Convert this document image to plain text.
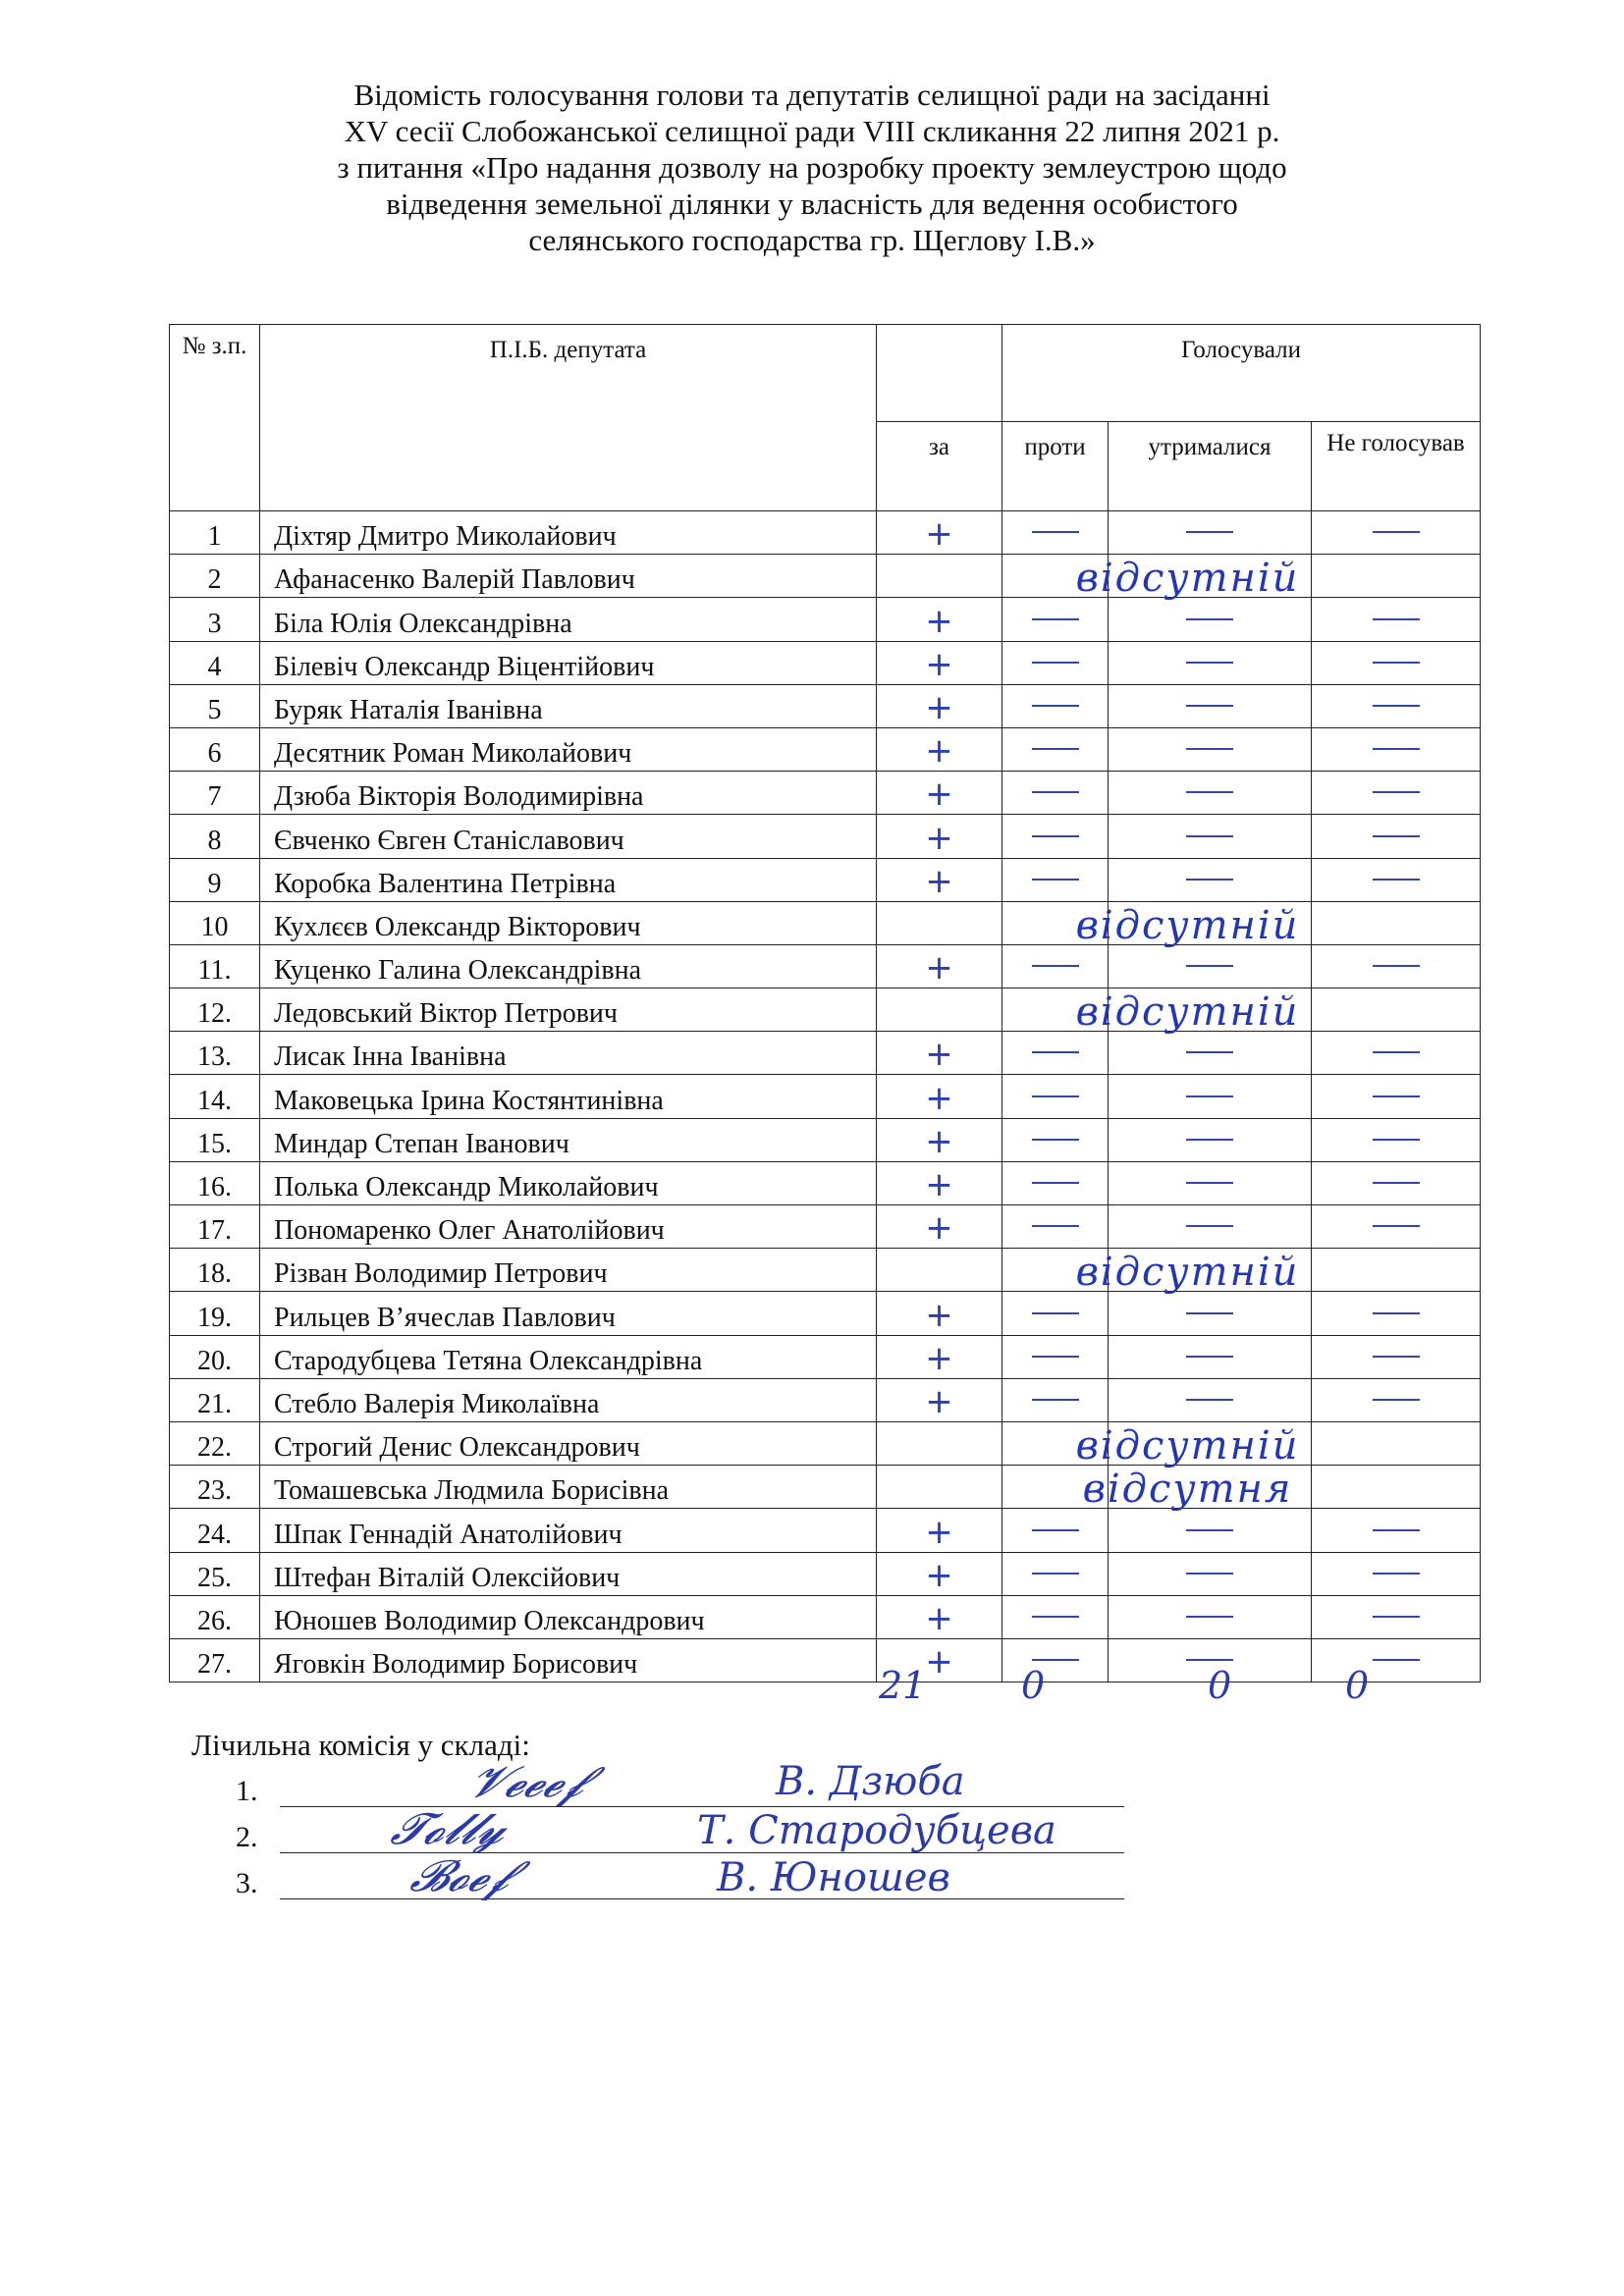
Відомість голосування голови та депутатів селищної ради на засіданні
XV сесії Слобожанської селищної ради VIII скликання 22 липня 2021 р.
з питання «Про надання дозволу на розробку проекту землеустрою щодо
відведення земельної ділянки у власність для ведення особистого
селянського господарства гр. Щеглову І.В.»
№ з.п.	П.І.Б. депутата		Голосували		
		за	проти	утрималися	Не голосував
1	Діхтяр Дмитро Миколайович	+			
2	Афанасенко Валерій Павлович		відсутній		

3	Біла Юлія Олександрівна	+			
4	Білевіч Олександр Віцентійович	+			
5	Буряк Наталія Іванівна	+			
6	Десятник Роман Миколайович	+			
7	Дзюба Вікторія Володимирівна	+			
8	Євченко Євген Станіславович	+			
9	Коробка Валентина Петрівна	+			
10	Кухлєєв Олександр Вікторович		відсутній		

11.	Куценко Галина Олександрівна	+			
12.	Ледовський Віктор Петрович		відсутній		

13.	Лисак Інна Іванівна	+			
14.	Маковецька Ірина Костянтинівна	+			
15.	Миндар Степан Іванович	+			
16.	Полька Олександр Миколайович	+			
17.	Пономаренко Олег Анатолійович	+			
18.	Різван Володимир Петрович		відсутній		

19.	Рильцев В’ячеслав Павлович	+			
20.	Стародубцева Тетяна Олександрівна	+			
21.	Стебло Валерія Миколаївна	+			
22.	Строгий Денис Олександрович		відсутній		

23.	Томашевська Людмила Борисівна		відсутня		

24.	Шпак Геннадій Анатолійович	+			
25.	Штефан Віталій Олексійович	+			
26.	Юношев Володимир Олександрович	+			
27.	Яговкін Володимир Борисович	+			
21	0	0	0
Лічильна комісія у складі:
1.
2.
3.
𝓥𝓮𝓮𝓮𝓯	В. Дзюба
𝓣𝓸𝓵𝓵𝔂	Т. Стародубцева
𝓑𝓸𝓮𝓯	В. Юношев
